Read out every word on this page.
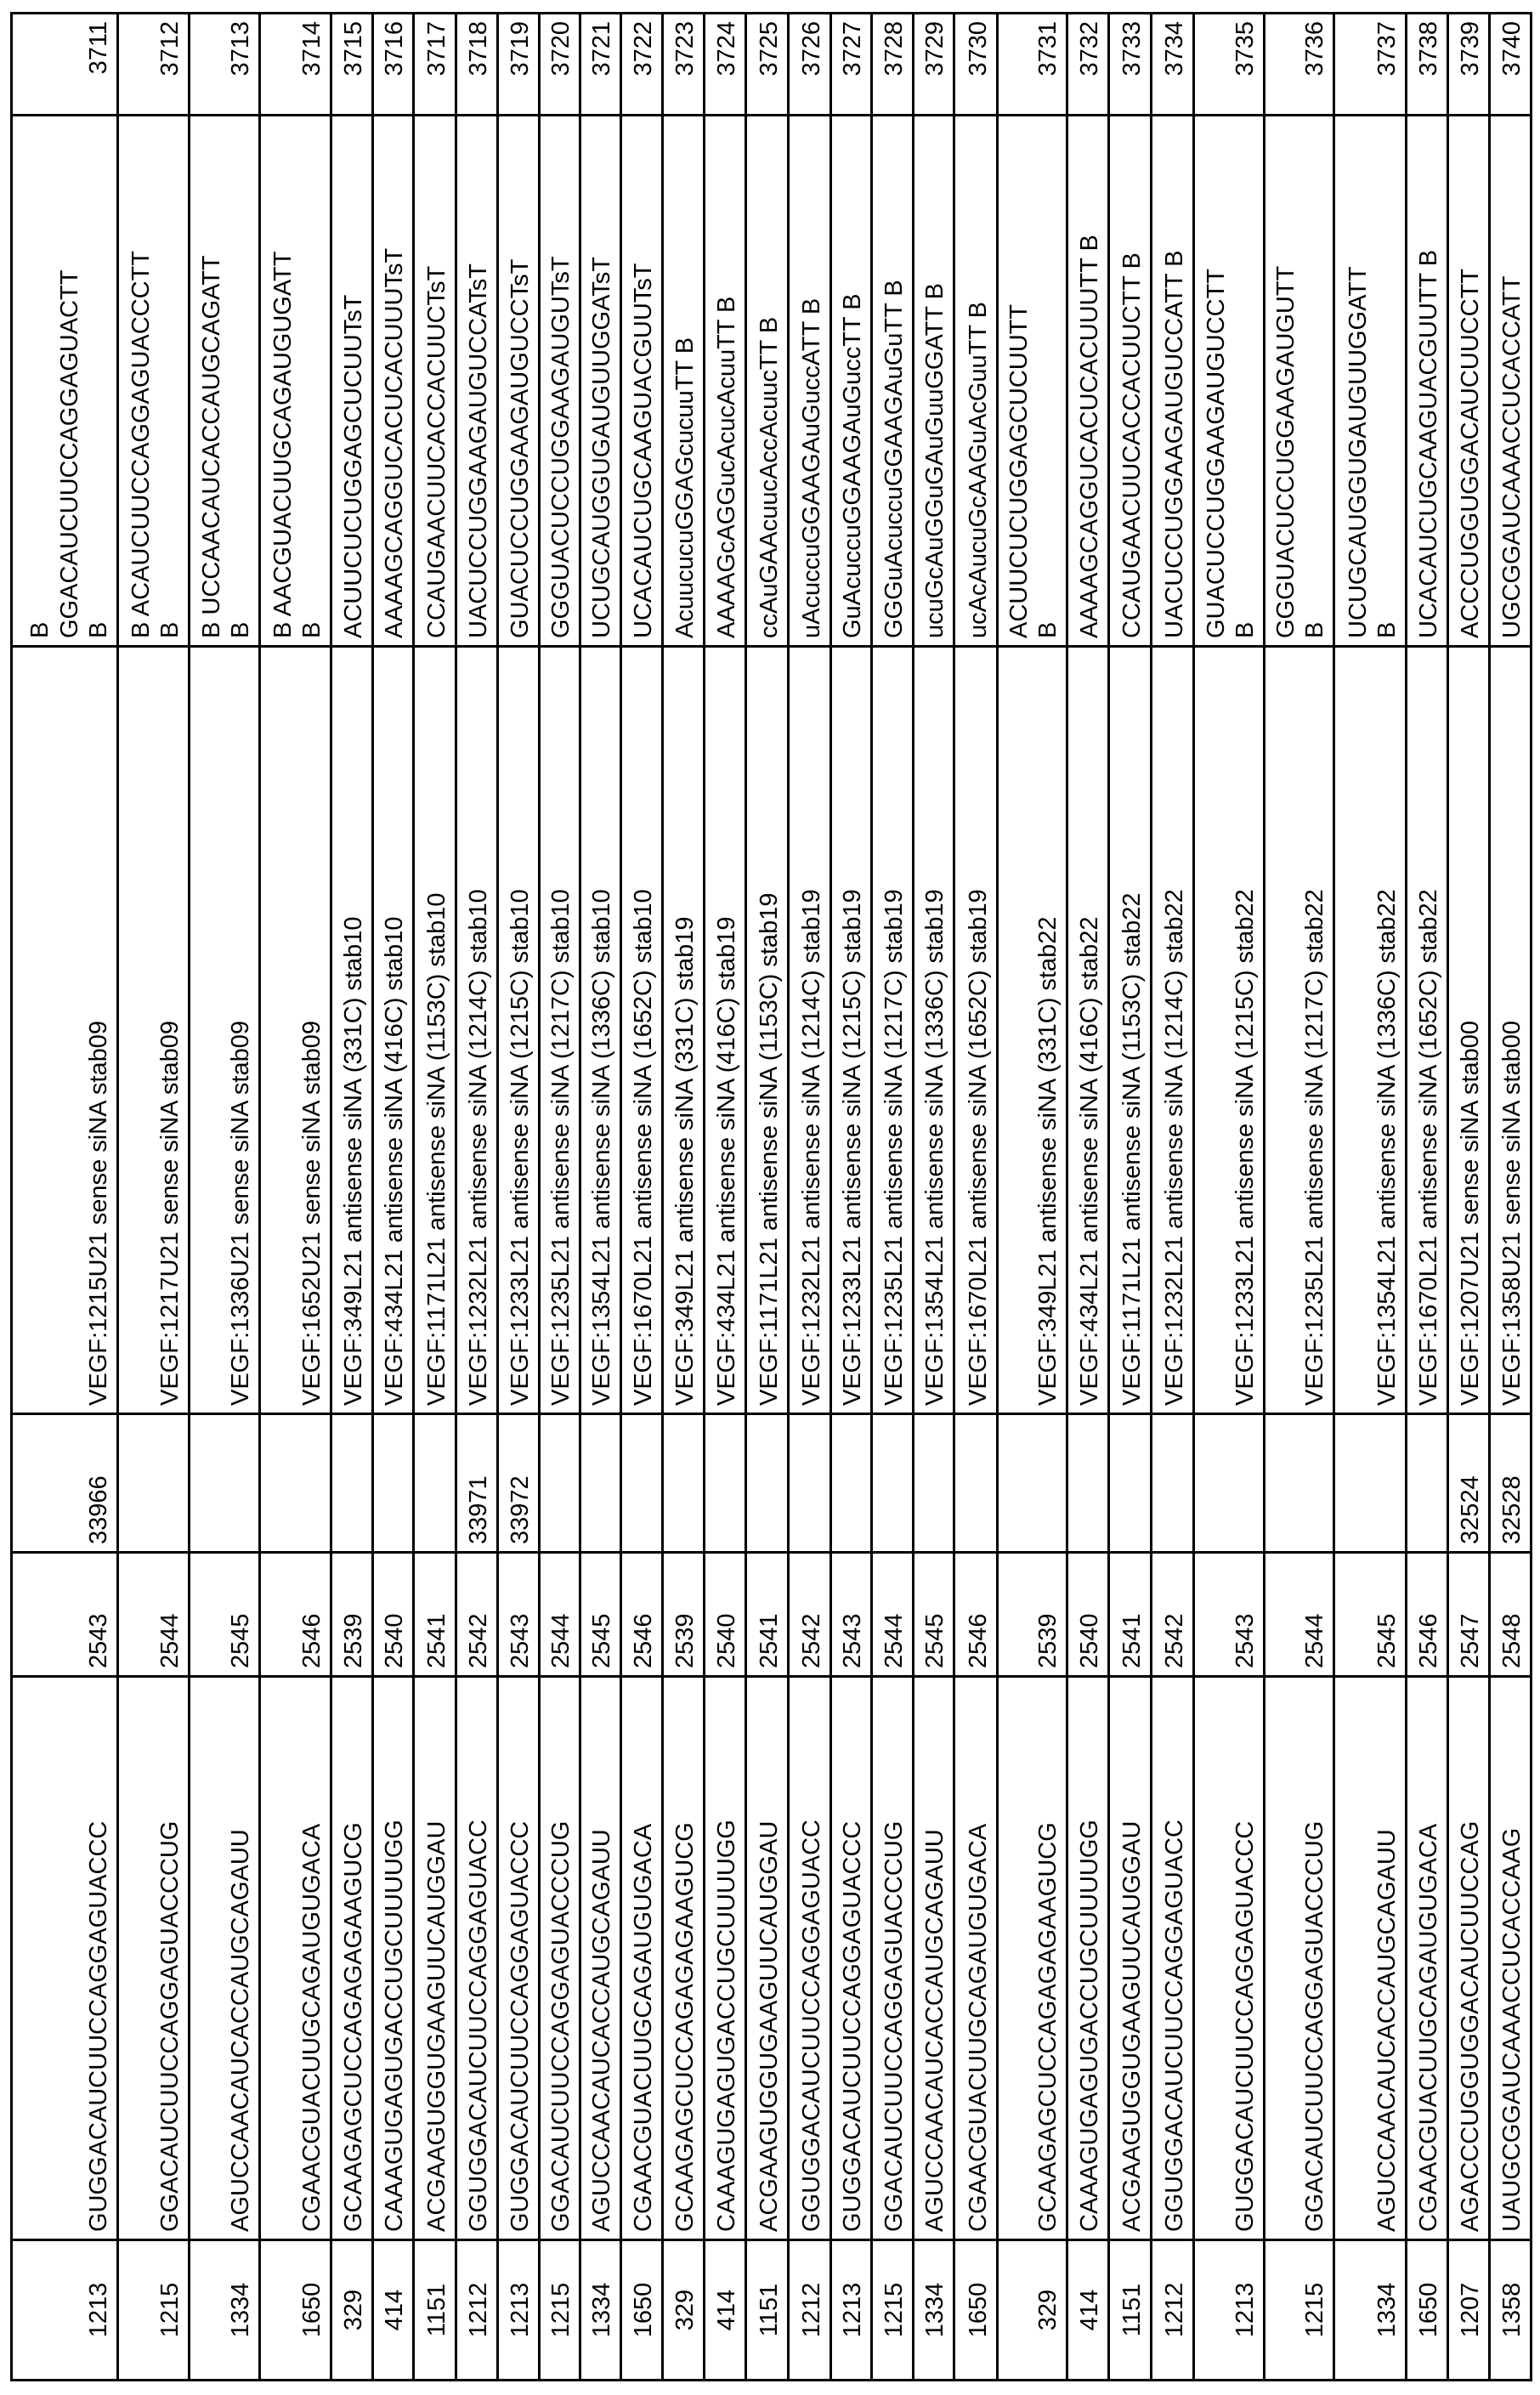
1213	GUGGACAUCUUCCAGGAGUACCC	2543	33966	VEGF:1215U21 sense siNA stab09	B
GGACAUCUUCCAGGAGUACTT
B	3711
1215	GGACAUCUUCCAGGAGUACCCUG	2544		VEGF:1217U21 sense siNA stab09	B ACAUCUUCCAGGAGUACCCTT
B	3712
1334	AGUCCAACAUCACCAUGCAGAUU	2545		VEGF:1336U21 sense siNA stab09	B UCCAACAUCACCAUGCAGATT
B	3713
1650	CGAACGUACUUGCAGAUGUGACA	2546		VEGF:1652U21 sense siNA stab09	B AACGUACUUGCAGAUGUGATT
B	3714
329	GCAAGAGCUCCAGAGAGAAGUCG	2539		VEGF:349L21 antisense siNA (331C) stab10	ACUUCUCUGGAGCUCUUTsT	3715
414	CAAAGUGAGUGACCUGCUUUUGG	2540		VEGF:434L21 antisense siNA (416C) stab10	AAAAGCAGGUCACUCACUUUTsT	3716
1151	ACGAAGUGGUGAAGUUCAUGGAU	2541		VEGF:1171L21 antisense siNA (1153C) stab10	CCAUGAACUUCACCACUUCTsT	3717
1212	GGUGGACAUCUUCCAGGAGUACC	2542	33971	VEGF:1232L21 antisense siNA (1214C) stab10	UACUCCUGGAAGAUGUCCATsT	3718
1213	GUGGACAUCUUCCAGGAGUACCC	2543	33972	VEGF:1233L21 antisense siNA (1215C) stab10	GUACUCCUGGAAGAUGUCCTsT	3719
1215	GGACAUCUUCCAGGAGUACCCUG	2544		VEGF:1235L21 antisense siNA (1217C) stab10	GGGUACUCCUGGAAGAUGUTsT	3720
1334	AGUCCAACAUCACCAUGCAGAUU	2545		VEGF:1354L21 antisense siNA (1336C) stab10	UCUGCAUGGUGAUGUUGGATsT	3721
1650	CGAACGUACUUGCAGAUGUGACA	2546		VEGF:1670L21 antisense siNA (1652C) stab10	UCACAUCUGCAAGUACGUUTsT	3722
329	GCAAGAGCUCCAGAGAGAAGUCG	2539		VEGF:349L21 antisense siNA (331C) stab19	AcuucucuGGAGcucuuTT B	3723
414	CAAAGUGAGUGACCUGCUUUUGG	2540		VEGF:434L21 antisense siNA (416C) stab19	AAAAGcAGGucAcucAcuuTT B	3724
1151	ACGAAGUGGUGAAGUUCAUGGAU	2541		VEGF:1171L21 antisense siNA (1153C) stab19	ccAuGAAcuucAccAcuucTT B	3725
1212	GGUGGACAUCUUCCAGGAGUACC	2542		VEGF:1232L21 antisense siNA (1214C) stab19	uAcuccuGGAAGAuGuccATT B	3726
1213	GUGGACAUCUUCCAGGAGUACCC	2543		VEGF:1233L21 antisense siNA (1215C) stab19	GuAcuccuGGAAGAuGuccTT B	3727
1215	GGACAUCUUCCAGGAGUACCCUG	2544		VEGF:1235L21 antisense siNA (1217C) stab19	GGGuAcuccuGGAAGAuGuTT B	3728
1334	AGUCCAACAUCACCAUGCAGAUU	2545		VEGF:1354L21 antisense siNA (1336C) stab19	ucuGcAuGGuGAuGuuGGATT B	3729
1650	CGAACGUACUUGCAGAUGUGACA	2546		VEGF:1670L21 antisense siNA (1652C) stab19	ucAcAucuGcAAGuAcGuuTT B	3730
329	GCAAGAGCUCCAGAGAGAAGUCG	2539		VEGF:349L21 antisense siNA (331C) stab22	ACUUCUCUGGAGCUCUUTT
B	3731
414	CAAAGUGAGUGACCUGCUUUUGG	2540		VEGF:434L21 antisense siNA (416C) stab22	AAAAGCAGGUCACUCACUUUTT B	3732
1151	ACGAAGUGGUGAAGUUCAUGGAU	2541		VEGF:1171L21 antisense siNA (1153C) stab22	CCAUGAACUUCACCACUUCTT B	3733
1212	GGUGGACAUCUUCCAGGAGUACC	2542		VEGF:1232L21 antisense siNA (1214C) stab22	UACUCCUGGAAGAUGUCCATT B	3734
1213	GUGGACAUCUUCCAGGAGUACCC	2543		VEGF:1233L21 antisense siNA (1215C) stab22	GUACUCCUGGAAGAUGUCCTT
B	3735
1215	GGACAUCUUCCAGGAGUACCCUG	2544		VEGF:1235L21 antisense siNA (1217C) stab22	GGGUACUCCUGGAAGAUGUTT
B	3736
1334	AGUCCAACAUCACCAUGCAGAUU	2545		VEGF:1354L21 antisense siNA (1336C) stab22	UCUGCAUGGUGAUGUUGGATT
B	3737
1650	CGAACGUACUUGCAGAUGUGACA	2546		VEGF:1670L21 antisense siNA (1652C) stab22	UCACAUCUGCAAGUACGUUTT B	3738
1207	AGACCCUGGUGGACAUCUUCCAG	2547	32524	VEGF:1207U21 sense siNA stab00	ACCCUGGUGGACAUCUUCCTT	3739
1358	UAUGCGGAUCAAACCUCACCAAG	2548	32528	VEGF:1358U21 sense siNA stab00	UGCGGAUCAAACCUCACCATT	3740
